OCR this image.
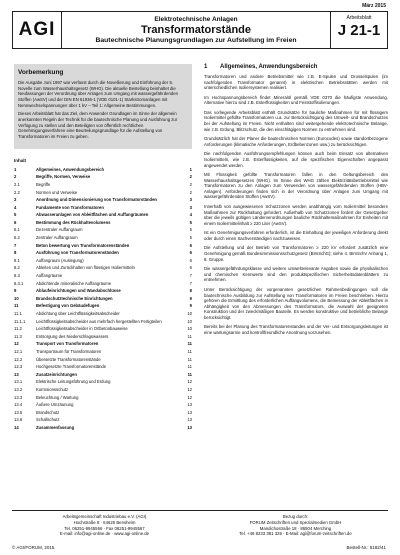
März 2015
AGI	Elektrotechnische Anlagen
Transformatorstände
Bautechnische Planungsgrundlagen zur Aufstellung im Freien
Arbeitsblatt
J 21-1
Vorbemerkung

Die Ausgabe Juni 1997 war verfasst durch die Novellierung und Einführung der 5. Novelle zum Wasserhaushaltsgesetz (WHG). Die aktuelle Bestellung beinhaltet die Neufassungen der Verordnung über Anlagen zum Umgang mit wassergefährdenden Stoffen (AwSV) und der DIN EN 61936-1 (VDE 0101-1) Starkstromanlagen mit Nennwechselspannungen über 1 kV – Teil 1: Allgemeine Bestimmungen.

Dieses Arbeitsblatt hat das Ziel, dem Anwender Grundlagen im Sinne der allgemein anerkannten Regeln der Technik für die bautechnische Planung und Ausführung zur Verfügung zu stellen und den Beteiligten von öffentlich rechtlichen Genehmigungsverfahren eine Beurteilungsgrundlage für die Aufstellung von Transformatoren im Freien zu geben.

Inhalt
1	Allgemeines, Anwendungsbereich	1
2	Begriffe, Normen, Verweise	2
2.1	Begriffe	2
2.2	Normen und Verweise	2
3	Anordnung und Dimensionierung von Transformatorständen	3
4	Fundamente von Transformatoren	3
5	Abwasseranlagen von Ableitflächen und Auffangräumen	4
6	Bestimmung des Rückhaltevolumens	5
6.1	Dezentraler Auffangraum	5
6.2	Zentraler Auffangraum	5
7	Beton bewertung von Transformatorenständen	6
8	Ausführung von Transformatorenständen	6
8.1	Auffangraum (Auslegung)	6
8.2	Ableiten und Zurückhalten von flüssigen Isoliermitteln	6
8.3	Auffangräume	7
8.3.1	Abdichtende mineralische Auffangräume	7
9	Ablaufeinrichtungen und Wandabschlüsse	8
10	Brandschutztechnische Einrichtungen	9
11	Befestigung von Gebäudefugen	9
11.1	Abdichtung über Leichtflüssigkeitsabscheider	10
11.1.1	Leichtflüssigkeitsabscheider aus mehrfach hergestellten Fertigteilen	10
11.2	Leichtflüssigkeitsabscheider in Ortbetonbauweise	10
11.3	Entsorgung des Niederschlagswassers	11
12	Transport von Transformatoren	11
12.1	Transportraum für Transformatoren	11
12.2	Übersetzte Transformatorenstände	11
12.3	Hochgesetzte Transformatorenstände	11
13	Zusatzeinrichtungen	11
13.1	Elektrische Leitungsführung und Erdung	12
13.2	Korrosionsschutz	12
13.3	Beleuchtung / Wartung	12
13.4	Äußere Umzäunung	13
13.5	Brandschutz	13
13.6	Schallschutz	13
14	Zusammenfassung	13
1 Allgemeines, Anwendungsbereich

Transformatoren und andere Betriebsmittel wie z.B. E-Spulen und Drosselspulen (im nachfolgenden Transformator genannt) in elektrischen Betriebsstätten werden mit unterschiedlichen Isoliersystemen realisiert.

Im Hochspannungsbereich findet Mineralöl gemäß VDE 0370 die häufigste Anwendung. Alternative hierzu sind z.B. Esterflüssigkeiten und Feststoffisolierungen.

Das vorliegende Arbeitsblatt enthält Grundsätze für bauliche Maßnahmen für mit flüssigem Isoliermittel gefüllte Transformatoren u.a. zur Berücksichtigung des Umwelt- und Brandschutzes bei der Aufstellung im Freien. Nicht enthalten sind weitergehende elektrotechnische Belange, wie z.B. Erdung, Blitzschutz, die den einschlägigen Normen zu entnehmen sind.

Grundsätzlich hat der Planer die bautechnischen Normen (Eurocodes) sowie standortbezogene Anforderungen (klimatische Anforderungen, Erdbebenzonen usw.) zu berücksichtigen.

Die nachfolgenden Ausführungsempfehlungen können auch beim Einsatz von alternativen Isoliermitteln, wie z.B. Esterflüssigkeiten, auf die spezifischen Eigenschaften angepasst angewendet werden.

Mit Flüssigkeit gefüllte Transformatoren fallen in den Geltungsbereich des Wasserhaushaltsgesetzes (WHG). Im Sinne des WHG zählen Elektrizitätsbetriebsmittel wie Transformatoren zu den Anlagen zum Verwenden von wassergefährdenden Stoffen (HBV-Anlagen). Anforderungen finden sich in der Verordnung über Anlagen zum Umgang mit wassergefährdenden Stoffen (AwSV).

Innerhalb von ausgewiesenen Schutzzonen werden unabhängig vom Isoliermittel besondere Maßnahmen zur Rückhaltung gefordert. Außerhalb von Schutzzonen fordert der Gesetzgeber über die jeweils gültigen Länderverordnungen bauliche Rückhaltemaßnahmen für Einheiten mit einem Isoliermittelinhalt ≥ 220 Liter (AwSV).

Ist ein Genehmigungsverfahren erforderlich, ist die Einhaltung der jeweiligen Anforderung direkt oder durch einen Sachverständigen nachzuweisen.

Die Aufstellung und der Betrieb von Transformatoren ≥ 220 kV erfordert zusätzlich eine Genehmigung gemäß Bundesimmissionsschutzgesetz (BImSchG); siehe 4. BImSchV Anhang 1, 8. Gruppe.

Die wassergefährdungsklasse und weitere umweltrelevante Angaben sowie die physikalischen und chemischen Kennwerte sind den produktspezifischen Sicherheitsdatenblättern zu entnehmen.

Unter Berücksichtigung der vorgenannten gesetzlichen Rahmenbedingungen soll die bautechnische Ausbildung zur Aufstellung von Transformatoren im Freien beschrieben. Hierzu gehören die Ermittlung des erforderlichen Auffangvolumens, die Bemessung der Ableitflächen in Abhängigkeit von den Abmessungen des Transformators, die Auswahl der geeigneten Konstruktion und der zweckmäßigen Bauteile. Es werden konstruktive und betriebliche Belange berücksichtigt.

Bereits bei der Planung des Transformatorenstandes und der Ver- und Entsorgungsleitungen ist eine wartungsarme und kontrollfreundliche Anordnung vorzusehen.

Arbeitsgemeinschaft Industriebau e.V. (AGI)
Hochstraße 8 · 64625 Bensheim
Tel. 06251-9945566 · Fax 06251-9945567
E-mail: info@agi-online.de · www.agi-online.de
Bezug durch:
FORUM Zeitschriften und Spezialmedien GmbH
Mandichostraße 18 · 86504 Merching
Tel. +49 8233 381 329 · E-Mail: agi@forum-zeitschriften.de
© AGI/FORUM, 2015	Bestell-Nr.: 5182/41
